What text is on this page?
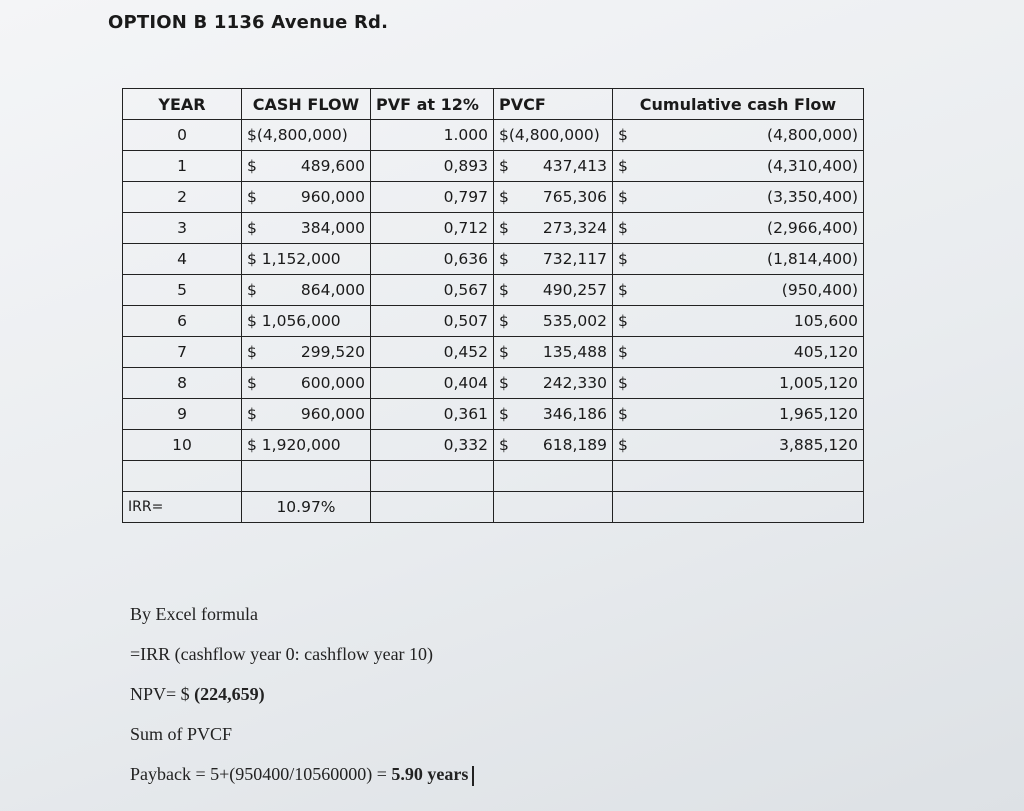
OPTION B 1136 Avenue Rd.
YEAR	CASH FLOW	PVF at 12%	PVCF	Cumulative cash Flow
0	$(4,800,000)	1.000	$(4,800,000)	$ (4,800,000)

1	$ 489,600	0,893	$ 437,413	$ (4,310,400)

2	$ 960,000	0,797	$ 765,306	$ (3,350,400)

3	$ 384,000	0,712	$ 273,324	$ (2,966,400)

4	$ 1,152,000	0,636	$ 732,117	$ (1,814,400)

5	$ 864,000	0,567	$ 490,257	$ (950,400)

6	$ 1,056,000	0,507	$ 535,002	$ 105,600

7	$ 299,520	0,452	$ 135,488	$ 405,120

8	$ 600,000	0,404	$ 242,330	$ 1,005,120

9	$ 960,000	0,361	$ 346,186	$ 1,965,120

10	$ 1,920,000	0,332	$ 618,189	$ 3,885,120

IRR=	10.97%			
By Excel formula
=IRR (cashflow year 0: cashflow year 10)
NPV= $ (224,659)
Sum of PVCF
Payback = 5+(950400/10560000) = 5.90 years
